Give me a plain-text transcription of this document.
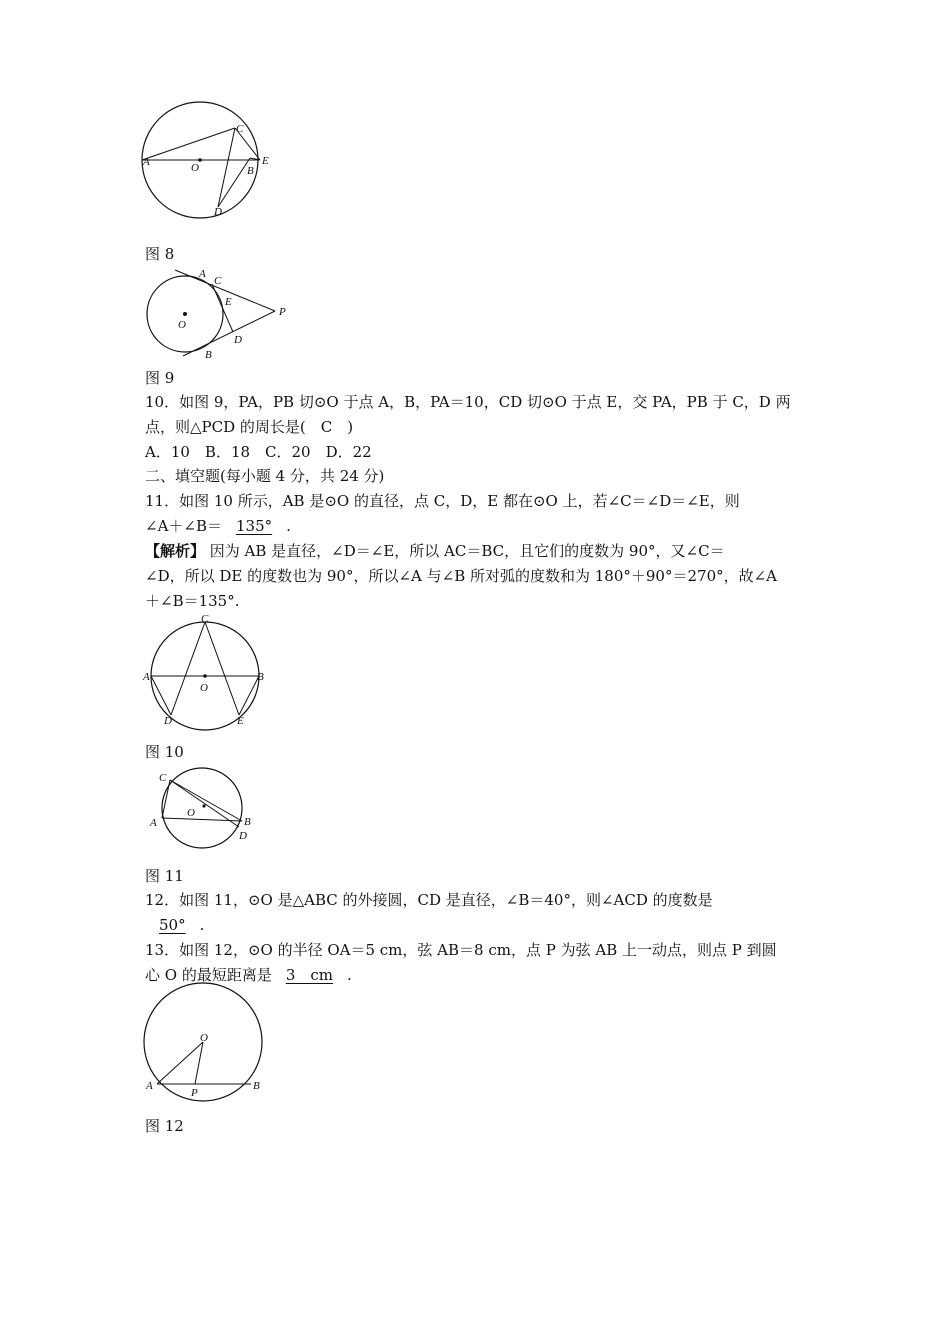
A	O	B
C
D
E
图 8
A
C
E
O
P
D
B
图 9
10．如图 9，PA，PB 切⊙O 于点 A，B，PA＝10，CD 切⊙O 于点 E，交 PA，PB 于 C，D 两
点，则△PCD 的周长是(　C　)
A．10　B．18　C．20　D．22
二、填空题(每小题 4 分，共 24 分)
11．如图 10 所示，AB 是⊙O 的直径，点 C，D，E 都在⊙O 上，若∠C＝∠D＝∠E，则
∠A＋∠B＝ 135° .
【解析】 因为 AB 是直径，∠D＝∠E，所以 AC＝BC，且它们的度数为 90°，又∠C＝
∠D，所以 DE 的度数也为 90°，所以∠A 与∠B 所对弧的度数和为 180°＋90°＝270°，故∠A
＋∠B＝135°.
C
A
O
B
D	E
图 10
C
O
A	B
D
图 11
12．如图 11，⊙O 是△ABC 的外接圆，CD 是直径，∠B＝40°，则∠ACD 的度数是
50° .
13．如图 12，⊙O 的半径 OA＝5 cm，弦 AB＝8 cm，点 P 为弦 AB 上一动点，则点 P 到圆
心 O 的最短距离是 3　cm .
O
A
P
B
图 12
